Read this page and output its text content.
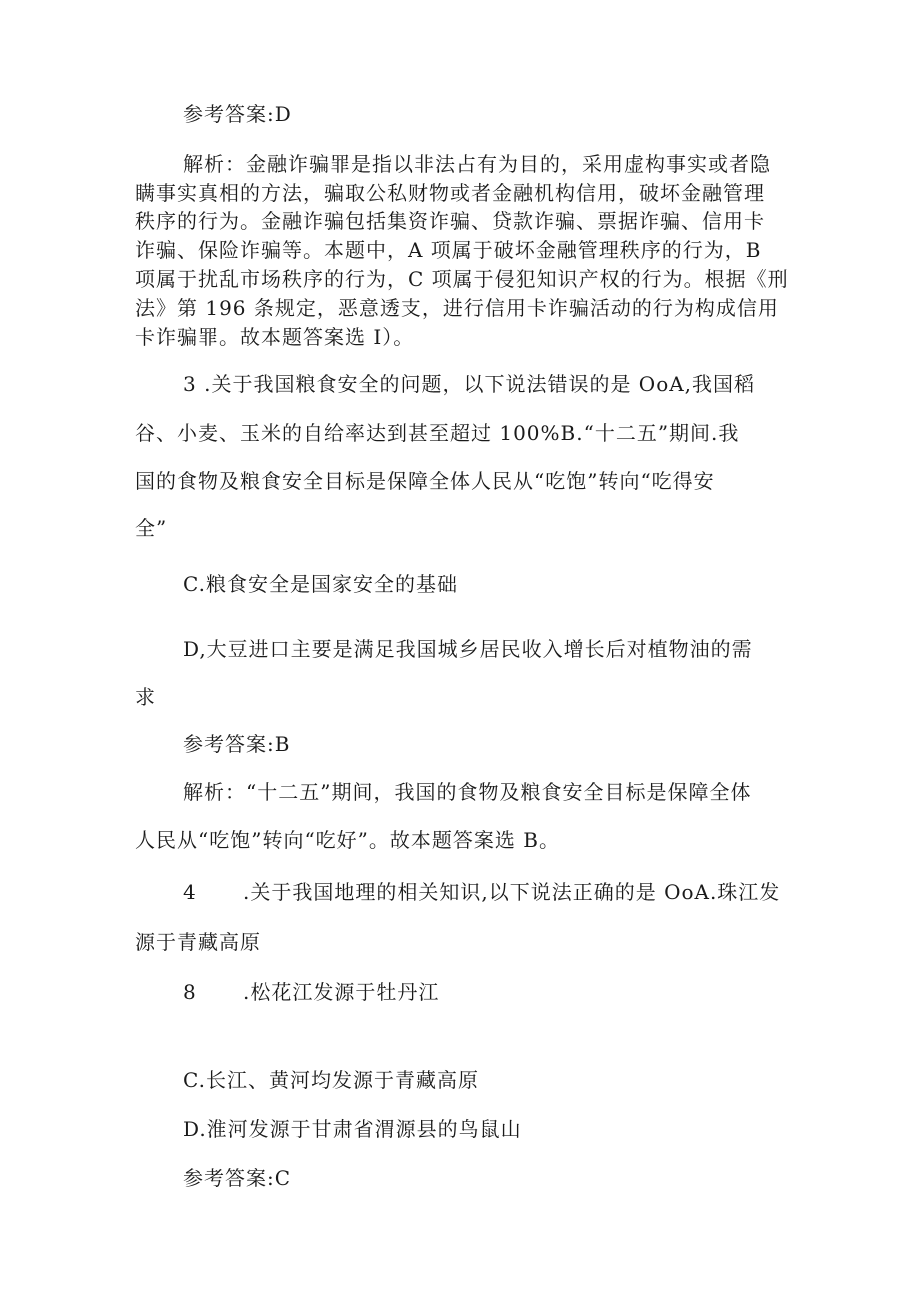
参考答案:D

解析：金融诈骗罪是指以非法占有为目的，采用虚构事实或者隐

瞒事实真相的方法，骗取公私财物或者金融机构信用，破坏金融管理

秩序的行为。金融诈骗包括集资诈骗、贷款诈骗、票据诈骗、信用卡

诈骗、保险诈骗等。本题中，A 项属于破坏金融管理秩序的行为，B

项属于扰乱市场秩序的行为，C 项属于侵犯知识产权的行为。根据《刑

法》第 196 条规定，恶意透支，进行信用卡诈骗活动的行为构成信用

卡诈骗罪。故本题答案选 I）。

3 .关于我国粮食安全的问题，以下说法错误的是 OoA,我国稻

谷、小麦、玉米的自给率达到甚至超过 100%B.“十二五”期间.我

国的食物及粮食安全目标是保障全体人民从“吃饱”转向“吃得安

全”

C.粮食安全是国家安全的基础

D,大豆进口主要是满足我国城乡居民收入增长后对植物油的需

求

参考答案:B

解析：“十二五”期间，我国的食物及粮食安全目标是保障全体

人民从“吃饱”转向“吃好”。故本题答案选 B。

4 .关于我国地理的相关知识,以下说法正确的是 OoA.珠江发

源于青藏高原

8 .松花江发源于牡丹江

C.长江、黄河均发源于青藏高原

D.淮河发源于甘肃省渭源县的鸟鼠山

参考答案:C
